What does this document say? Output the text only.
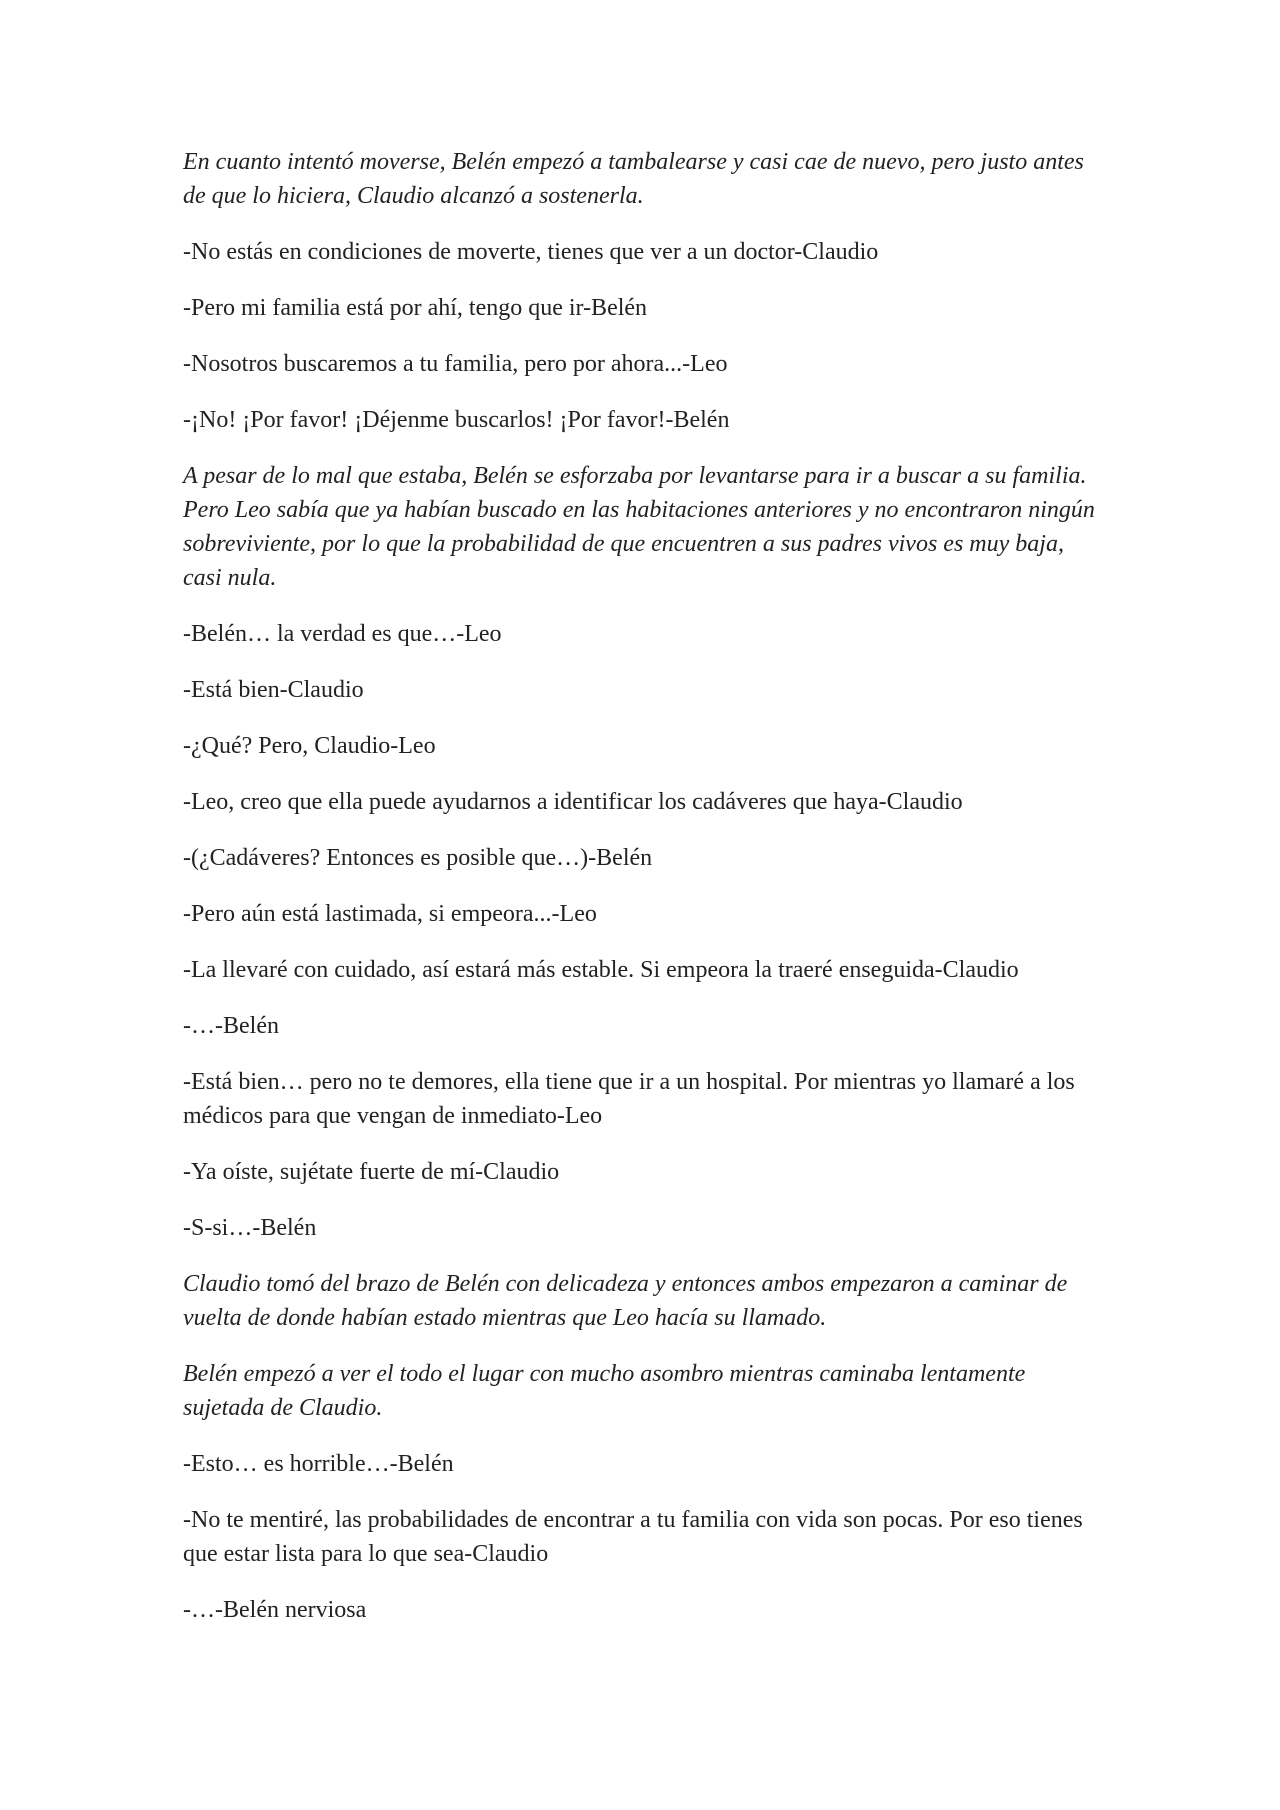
En cuanto intentó moverse, Belén empezó a tambalearse y casi cae de nuevo, pero justo antes de que lo hiciera, Claudio alcanzó a sostenerla.

-No estás en condiciones de moverte, tienes que ver a un doctor-Claudio

-Pero mi familia está por ahí, tengo que ir-Belén

-Nosotros buscaremos a tu familia, pero por ahora...-Leo

-¡No! ¡Por favor! ¡Déjenme buscarlos! ¡Por favor!-Belén

A pesar de lo mal que estaba, Belén se esforzaba por levantarse para ir a buscar a su familia. Pero Leo sabía que ya habían buscado en las habitaciones anteriores y no encontraron ningún sobreviviente, por lo que la probabilidad de que encuentren a sus padres vivos es muy baja, casi nula.

-Belén… la verdad es que…-Leo

-Está bien-Claudio

-¿Qué? Pero, Claudio-Leo

-Leo, creo que ella puede ayudarnos a identificar los cadáveres que haya-Claudio

-(¿Cadáveres? Entonces es posible que…)-Belén

-Pero aún está lastimada, si empeora...-Leo

-La llevaré con cuidado, así estará más estable. Si empeora la traeré enseguida-Claudio

-…-Belén

-Está bien… pero no te demores, ella tiene que ir a un hospital. Por mientras yo llamaré a los médicos para que vengan de inmediato-Leo

-Ya oíste, sujétate fuerte de mí-Claudio

-S-si…-Belén

Claudio tomó del brazo de Belén con delicadeza y entonces ambos empezaron a caminar de vuelta de donde habían estado mientras que Leo hacía su llamado.

Belén empezó a ver el todo el lugar con mucho asombro mientras caminaba lentamente sujetada de Claudio.

-Esto… es horrible…-Belén

-No te mentiré, las probabilidades de encontrar a tu familia con vida son pocas. Por eso tienes que estar lista para lo que sea-Claudio

-…-Belén nerviosa
